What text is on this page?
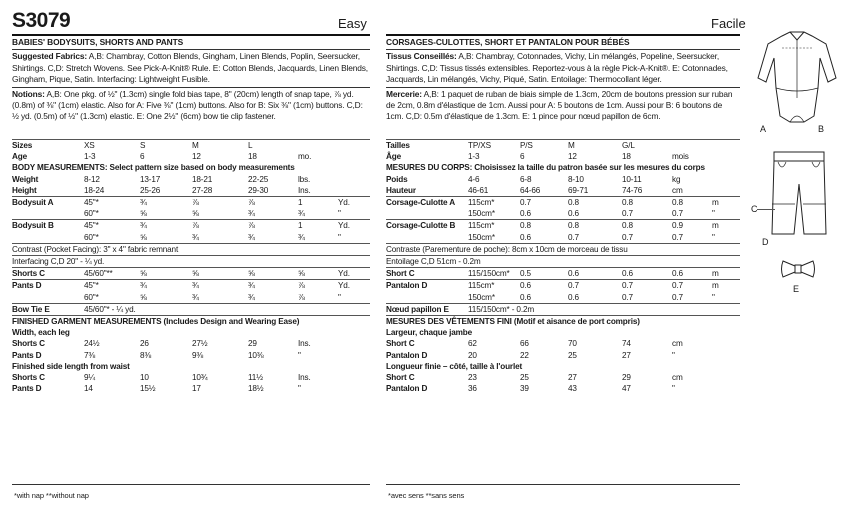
S3079	Easy	Facile
BABIES' BODYSUITS, SHORTS AND PANTS
Suggested Fabrics: A,B: Chambray, Cotton Blends, Gingham, Linen Blends, Poplin, Seersucker, Shirtings. C,D: Stretch Wovens. See Pick-A-Knit® Rule. E: Cotton Blends, Jacquards, Linen Blends, Gingham, Pique, Satin. Interfacing: Lightweight Fusible.
Notions: A,B: One pkg. of ½" (1.3cm) single fold bias tape, 8" (20cm) length of snap tape, ⅞ yd. (0.8m) of ⅜" (1cm) elastic. Also for A: Five ⅜" (1cm) buttons. Also for B: Six ⅜" (1cm) buttons. C,D: ½ yd. (0.5m) of ½" (1.3cm) elastic. E: One 2½" (6cm) bow tie clip fastener.
Sizes	XS	S	M	L		
Age	1-3	6	12	18	mo.	
BODY MEASUREMENTS: Select pattern size based on body measurements						
Weight	8-12	13-17	18-21	22-25	lbs.	
Height	18-24	25-26	27-28	29-30	Ins.	
Bodysuit A	45"*	¾	⅞	⅞	1	Yd.
	60"*	⅝	⅝	¾	¾	"
Bodysuit B	45"*	¾	⅞	⅞	1	Yd.
	60"*	⅝	¾	¾	¾	"
Contrast (Pocket Facing): 3" x 4" fabric remnant						
Interfacing C,D 20" - ¼ yd.						
Shorts C	45/60"**	⅝	⅝	⅝	⅝	Yd.
Pants D	45"*	¾	¾	¾	⅞	Yd.
	60"*	⅝	¾	¾	⅞	"
Bow Tie E	45/60"* - ¼ yd.					
FINISHED GARMENT MEASUREMENTS (Includes Design and Wearing Ease)						
Width, each leg						
Shorts C	24½	26	27½	29	Ins.	
Pants D	7⅜	8⅜	9⅜	10⅜	"	
Finished side length from waist						
Shorts C	9¼	10	10¾	11½	Ins.	
Pants D	14	15½	17	18½	"	
*with nap **without nap
CORSAGES-CULOTTES, SHORT ET PANTALON POUR BÉBÉS
Tissus Conseillés: A,B: Chambray, Cotonnades, Vichy, Lin mélangés, Popeline, Seersucker, Shirtings. C,D: Tissus tissés extensibles. Reportez-vous à la règle Pick-A-Knit®. E: Cotonnades, Jacquards, Lin mélangés, Vichy, Piqué, Satin. Entoilage: Thermocollant léger.
Mercerie: A,B: 1 paquet de ruban de biais simple de 1.3cm, 20cm de boutons pression sur ruban de 2cm, 0.8m d'élastique de 1cm. Aussi pour A: 5 boutons de 1cm. Aussi pour B: 6 boutons de 1cm. C,D: 0.5m d'élastique de 1.3cm. E: 1 pince pour nœud papillon de 6cm.
Tailles	TP/XS	P/S	M	G/L		
Âge	1-3	6	12	18	mois	
MESURES DU CORPS: Choisissez la taille du patron basée sur les mesures du corps						
Poids	4-6	6-8	8-10	10-11	kg	
Hauteur	46-61	64-66	69-71	74-76	cm	
Corsage-Culotte A	115cm*	0.7	0.8	0.8	0.8	m
	150cm*	0.6	0.6	0.7	0.7	"
Corsage-Culotte B	115cm*	0.8	0.8	0.8	0.9	m
	150cm*	0.6	0.7	0.7	0.7	"
Contraste (Parementure de poche): 8cm x 10cm de morceau de tissu						
Entoilage C,D 51cm - 0.2m						
Short C	115/150cm*	0.5	0.6	0.6	0.6	m
Pantalon D	115cm*	0.6	0.7	0.7	0.7	m
	150cm*	0.6	0.6	0.7	0.7	"
Nœud papillon E	115/150cm* - 0.2m					
MESURES DES VÊTEMENTS FINI (Motif et aisance de port compris)						
Largeur, chaque jambe						
Short C	62	66	70	74	cm	
Pantalon D	20	22	25	27	"	
Longueur finie – côté, taille à l'ourlet						
Short C	23	25	27	29	cm	
Pantalon D	36	39	43	47	"	
*avec sens **sans sens
A	B
C
D
E
